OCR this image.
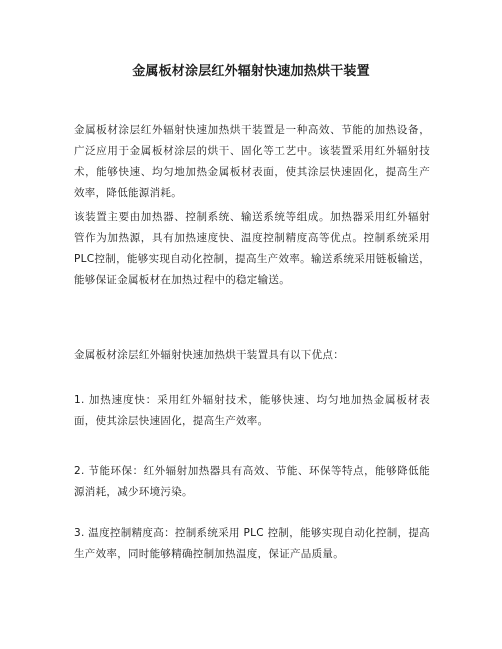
金属板材涂层红外辐射快速加热烘干装置
金属板材涂层红外辐射快速加热烘干装置是一种高效、节能的加热设备，广泛应用于金属板材涂层的烘干、固化等工艺中。该装置采用红外辐射技术，能够快速、均匀地加热金属板材表面，使其涂层快速固化，提高生产效率，降低能源消耗。
该装置主要由加热器、控制系统、输送系统等组成。加热器采用红外辐射管作为加热源，具有加热速度快、温度控制精度高等优点。控制系统采用PLC控制，能够实现自动化控制，提高生产效率。输送系统采用链板输送，能够保证金属板材在加热过程中的稳定输送。
金属板材涂层红外辐射快速加热烘干装置具有以下优点：
1. 加热速度快：采用红外辐射技术，能够快速、均匀地加热金属板材表面，使其涂层快速固化，提高生产效率。
2. 节能环保：红外辐射加热器具有高效、节能、环保等特点，能够降低能源消耗，减少环境污染。
3. 温度控制精度高：控制系统采用 PLC 控制，能够实现自动化控制，提高生产效率，同时能够精确控制加热温度，保证产品质量。
